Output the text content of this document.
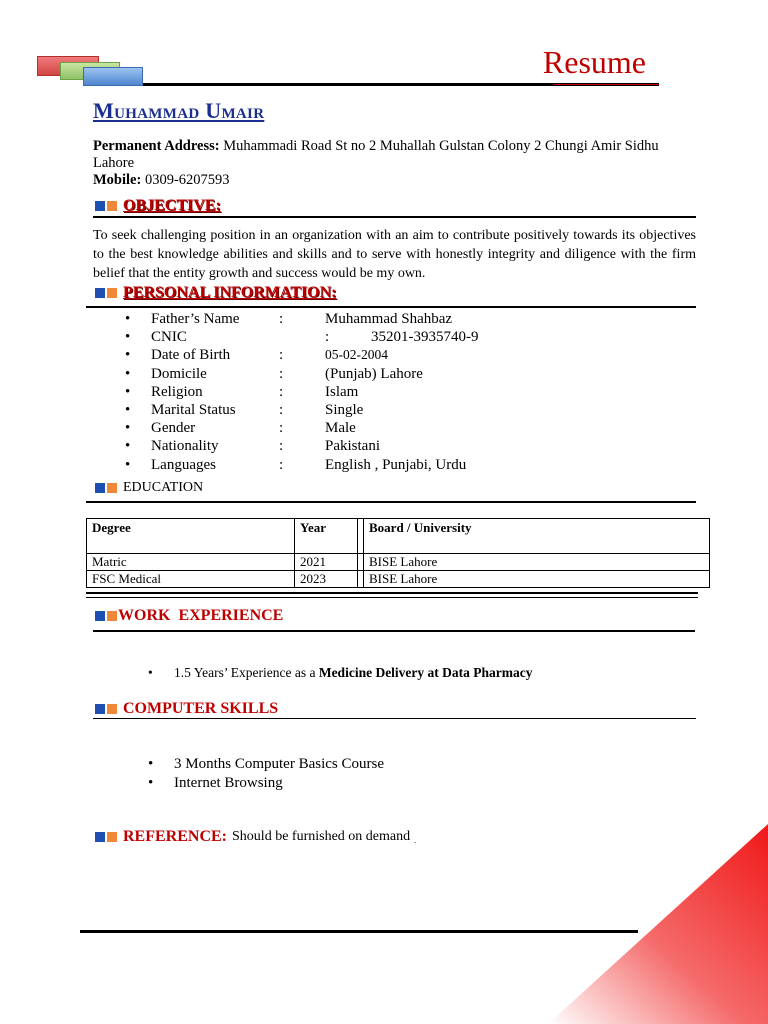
Resume
Muhammad Umair
Permanent Address: Muhammadi Road St no 2 Muhallah Gulstan Colony 2 Chungi Amir Sidhu Lahore
Mobile: 0309-6207593
OBJECTIVE:
To seek challenging position in an organization with an aim to contribute positively towards its objectives to the best knowledge abilities and skills and to serve with honestly integrity and diligence with the firm belief that the entity growth and success would be my own.
PERSONAL INFORMATION:
• Father’s Name	:	Muhammad Shahbaz
• CNIC	:	35201-3935740-9
• Date of Birth	:	05-02-2004
• Domicile	:	(Punjab) Lahore
• Religion	:	Islam
• Marital Status	:	Single
• Gender	:	Male
• Nationality	:	Pakistani
• Languages	:	English , Punjabi, Urdu
EDUCATION
Degree	Year		Board / University
Matric	2021		BISE Lahore
FSC Medical	2023		BISE Lahore
WORK  EXPERIENCE
• 1.5 Years’ Experience as a Medicine Delivery at Data Pharmacy
COMPUTER SKILLS
• 3 Months Computer Basics Course
• Internet Browsing
REFERENCE: Should be furnished on demand .
